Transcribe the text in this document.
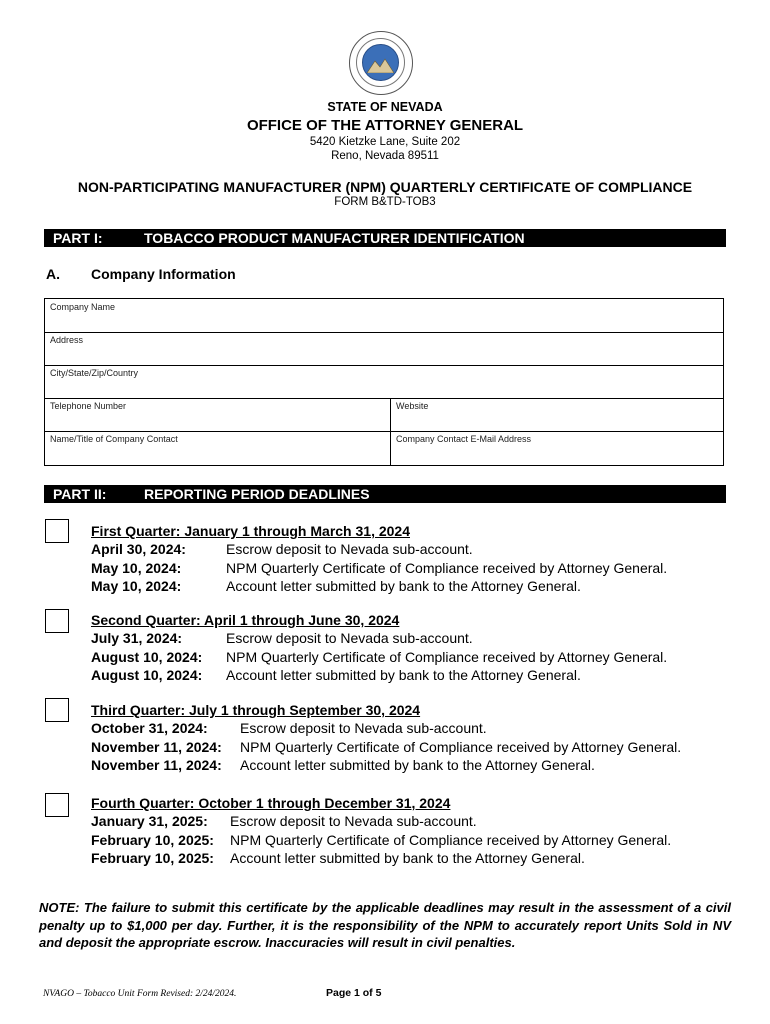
STATE OF NEVADA
OFFICE OF THE ATTORNEY GENERAL
5420 Kietzke Lane, Suite 202
Reno, Nevada 89511
NON-PARTICIPATING MANUFACTURER (NPM) QUARTERLY CERTIFICATE OF COMPLIANCE
FORM B&TD-TOB3
PART I:	TOBACCO PRODUCT MANUFACTURER IDENTIFICATION
A. Company Information
Company Name
Address
City/State/Zip/Country
Telephone Number	Website
Name/Title of Company Contact	Company Contact E-Mail Address
PART II:	REPORTING PERIOD DEADLINES
First Quarter: January 1 through March 31, 2024
April 30, 2024:	Escrow deposit to Nevada sub-account.
May 10, 2024:	NPM Quarterly Certificate of Compliance received by Attorney General.
May 10, 2024:	Account letter submitted by bank to the Attorney General.
Second Quarter: April 1 through June 30, 2024
July 31, 2024:	Escrow deposit to Nevada sub-account.
August 10, 2024: NPM Quarterly Certificate of Compliance received by Attorney General.
August 10, 2024: Account letter submitted by bank to the Attorney General.
Third Quarter: July 1 through September 30, 2024
October 31, 2024: Escrow deposit to Nevada sub-account.
November 11, 2024: NPM Quarterly Certificate of Compliance received by Attorney General.
November 11, 2024: Account letter submitted by bank to the Attorney General.
Fourth Quarter: October 1 through December 31, 2024
January 31, 2025: Escrow deposit to Nevada sub-account.
February 10, 2025: NPM Quarterly Certificate of Compliance received by Attorney General.
February 10, 2025: Account letter submitted by bank to the Attorney General.
NOTE: The failure to submit this certificate by the applicable deadlines may result in the assessment of a civil penalty up to $1,000 per day. Further, it is the responsibility of the NPM to accurately report Units Sold in NV and deposit the appropriate escrow. Inaccuracies will result in civil penalties.
NVAGO – Tobacco Unit Form Revised: 2/24/2024.	Page 1 of 5
